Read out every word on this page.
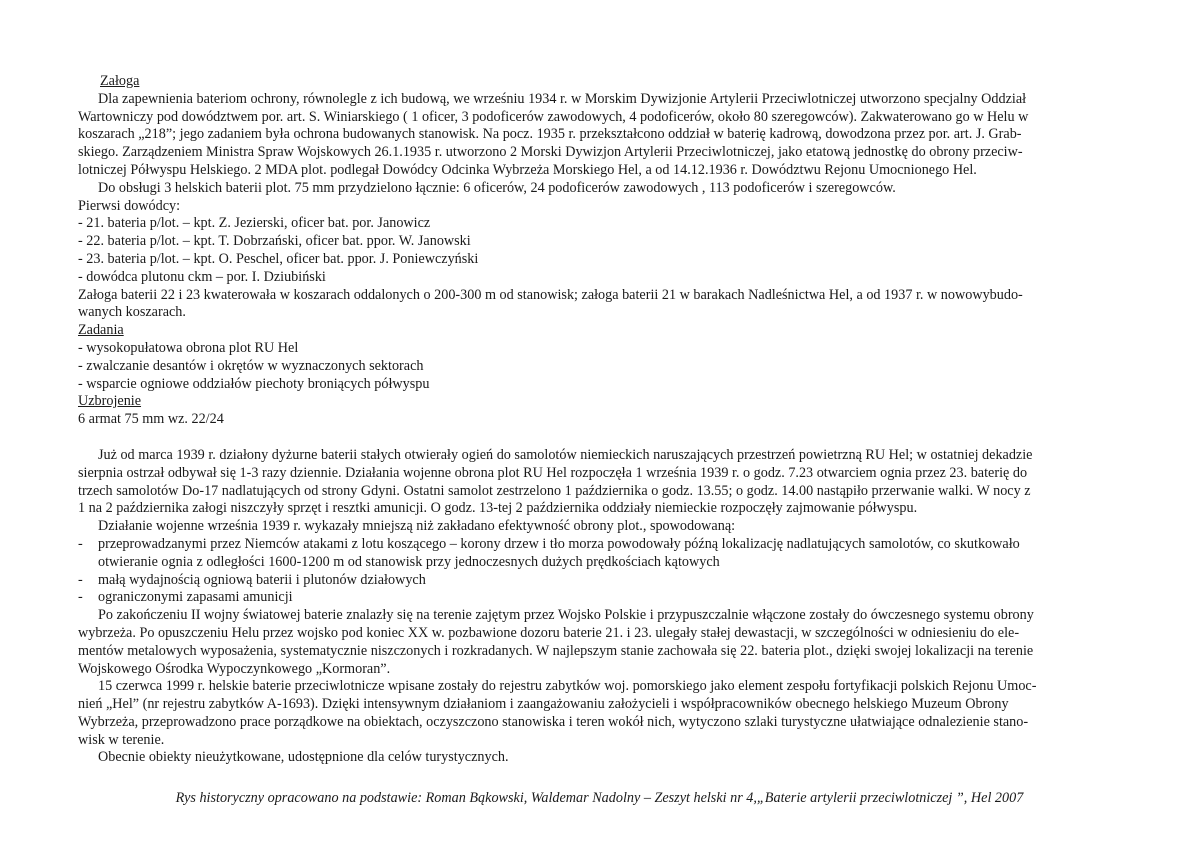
Załoga
Dla zapewnienia bateriom ochrony, równolegle z ich budową, we wrześniu 1934 r. w Morskim Dywizjonie Artylerii Przeciwlotniczej utworzono specjalny Oddział
Wartowniczy pod dowództwem por. art. S. Winiarskiego ( 1 oficer, 3 podoficerów zawodowych, 4 podoficerów, około 80 szeregowców). Zakwaterowano go w Helu w
koszarach „218”; jego zadaniem była ochrona budowanych stanowisk. Na pocz. 1935 r. przekształcono oddział w baterię kadrową, dowodzona przez por. art. J. Grab-
skiego. Zarządzeniem Ministra Spraw Wojskowych 26.1.1935 r. utworzono 2 Morski Dywizjon Artylerii Przeciwlotniczej, jako etatową jednostkę do obrony przeciw-
lotniczej Półwyspu Helskiego. 2 MDA plot. podlegał Dowódcy Odcinka Wybrzeża Morskiego Hel, a od 14.12.1936 r. Dowództwu Rejonu Umocnionego Hel.
Do obsługi 3 helskich baterii plot. 75 mm przydzielono łącznie: 6 oficerów, 24 podoficerów zawodowych , 113 podoficerów i szeregowców.
Pierwsi dowódcy:
- 21. bateria p/lot. – kpt. Z. Jezierski, oficer bat. por. Janowicz
- 22. bateria p/lot. – kpt. T. Dobrzański, oficer bat. ppor. W. Janowski
- 23. bateria p/lot. – kpt. O. Peschel, oficer bat. ppor. J. Poniewczyński
- dowódca plutonu ckm – por. I. Dziubiński
Załoga baterii 22 i 23 kwaterowała w koszarach oddalonych o 200-300 m od stanowisk; załoga baterii 21 w barakach Nadleśnictwa Hel, a od 1937 r. w nowowybudo-
wanych koszarach.
Zadania
- wysokopułatowa obrona plot RU Hel
- zwalczanie desantów i okrętów w wyznaczonych sektorach
- wsparcie ogniowe oddziałów piechoty broniących półwyspu
Uzbrojenie
6 armat 75 mm wz. 22/24
Już od marca 1939 r. działony dyżurne baterii stałych otwierały ogień do samolotów niemieckich naruszających przestrzeń powietrzną RU Hel; w ostatniej dekadzie
sierpnia ostrzał odbywał się 1-3 razy dziennie. Działania wojenne obrona plot RU Hel rozpoczęła 1 września 1939 r. o godz. 7.23 otwarciem ognia przez 23. baterię do
trzech samolotów Do-17 nadlatujących od strony Gdyni. Ostatni samolot zestrzelono 1 października o godz. 13.55; o godz. 14.00 nastąpiło przerwanie walki. W nocy z
1 na 2 października załogi niszczyły sprzęt i resztki amunicji. O godz. 13-tej 2 października oddziały niemieckie rozpoczęły zajmowanie półwyspu.
Działanie wojenne września 1939 r. wykazały mniejszą niż zakładano efektywność obrony plot., spowodowaną:
-	przeprowadzanymi przez Niemców atakami z lotu koszącego – korony drzew i tło morza powodowały późną lokalizację nadlatujących samolotów, co skutkowało
otwieranie ognia z odległości 1600-1200 m od stanowisk przy jednoczesnych dużych prędkościach kątowych
-	małą wydajnością ogniową baterii i plutonów działowych
-	ograniczonymi zapasami amunicji
Po zakończeniu II wojny światowej baterie znalazły się na terenie zajętym przez Wojsko Polskie i przypuszczalnie włączone zostały do ówczesnego systemu obrony
wybrzeża. Po opuszczeniu Helu przez wojsko pod koniec XX w. pozbawione dozoru baterie 21. i 23. ulegały stałej dewastacji, w szczególności w odniesieniu do ele-
mentów metalowych wyposażenia, systematycznie niszczonych i rozkradanych. W najlepszym stanie zachowała się 22. bateria plot., dzięki swojej lokalizacji na terenie
Wojskowego Ośrodka Wypoczynkowego „Kormoran”.
15 czerwca 1999 r. helskie baterie przeciwlotnicze wpisane zostały do rejestru zabytków woj. pomorskiego jako element zespołu fortyfikacji polskich Rejonu Umoc-
nień „Hel” (nr rejestru zabytków A-1693). Dzięki intensywnym działaniom i zaangażowaniu założycieli i współpracowników obecnego helskiego Muzeum Obrony
Wybrzeża, przeprowadzono prace porządkowe na obiektach, oczyszczono stanowiska i teren wokół nich, wytyczono szlaki turystyczne ułatwiające odnalezienie stano-
wisk w terenie.
Obecnie obiekty nieużytkowane, udostępnione dla celów turystycznych.
Rys historyczny opracowano na podstawie: Roman Bąkowski, Waldemar Nadolny – Zeszyt helski nr 4,„Baterie artylerii przeciwlotniczej ”, Hel 2007
